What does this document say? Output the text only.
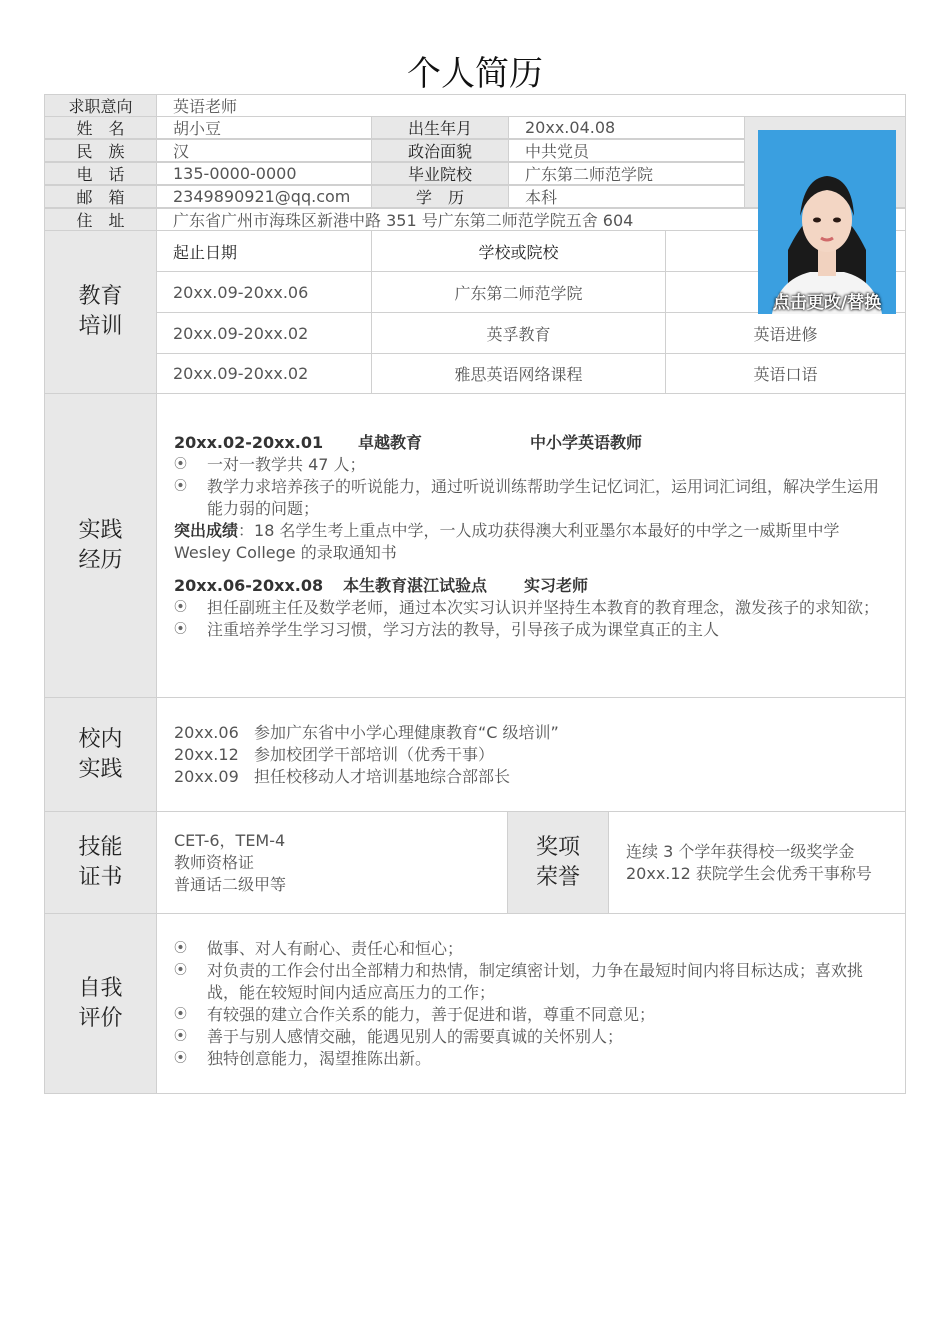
个人简历
求职意向	英语老师
姓　名	胡小豆	出生年月	20xx.04.08
民　族	汉	政治面貌	中共党员
电　话	135-0000-0000	毕业院校	广东第二师范学院
邮　箱	2349890921@qq.com	学　历	本科
住　址	广东省广州市海珠区新港中路 351 号广东第二师范学院五舍 604
教育培训
起止日期	学校或院校
20xx.09-20xx.06	广东第二师范学院
20xx.09-20xx.02	英孚教育	英语进修
20xx.09-20xx.02	雅思英语网络课程	英语口语
点击更改/替换
实践经历
20xx.02-20xx.01 卓越教育	中小学英语教师
⦿ 一对一教学共 47 人；
⦿ 教学力求培养孩子的听说能力，通过听说训练帮助学生记忆词汇，运用词汇词组，解决学生运用能力弱的问题；
突出成绩：18 名学生考上重点中学，一人成功获得澳大利亚墨尔本最好的中学之一威斯里中学 Wesley College 的录取通知书
20xx.06-20xx.08 本生教育湛江试验点 实习老师
⦿ 担任副班主任及数学老师，通过本次实习认识并坚持生本教育的教育理念，激发孩子的求知欲；
⦿ 注重培养学生学习习惯，学习方法的教导，引导孩子成为课堂真正的主人
校内实践
20xx.06 参加广东省中小学心理健康教育“C 级培训”
20xx.12 参加校团学干部培训（优秀干事）
20xx.09 担任校移动人才培训基地综合部部长
技能证书
CET-6，TEM-4
教师资格证
普通话二级甲等
奖项荣誉
连续 3 个学年获得校一级奖学金
20xx.12 获院学生会优秀干事称号
自我评价
⦿ 做事、对人有耐心、责任心和恒心；
⦿ 对负责的工作会付出全部精力和热情，制定缜密计划，力争在最短时间内将目标达成；喜欢挑战，能在较短时间内适应高压力的工作；
⦿ 有较强的建立合作关系的能力，善于促进和谐，尊重不同意见；
⦿ 善于与别人感情交融，能遇见别人的需要真诚的关怀别人；
⦿ 独特创意能力，渴望推陈出新。
